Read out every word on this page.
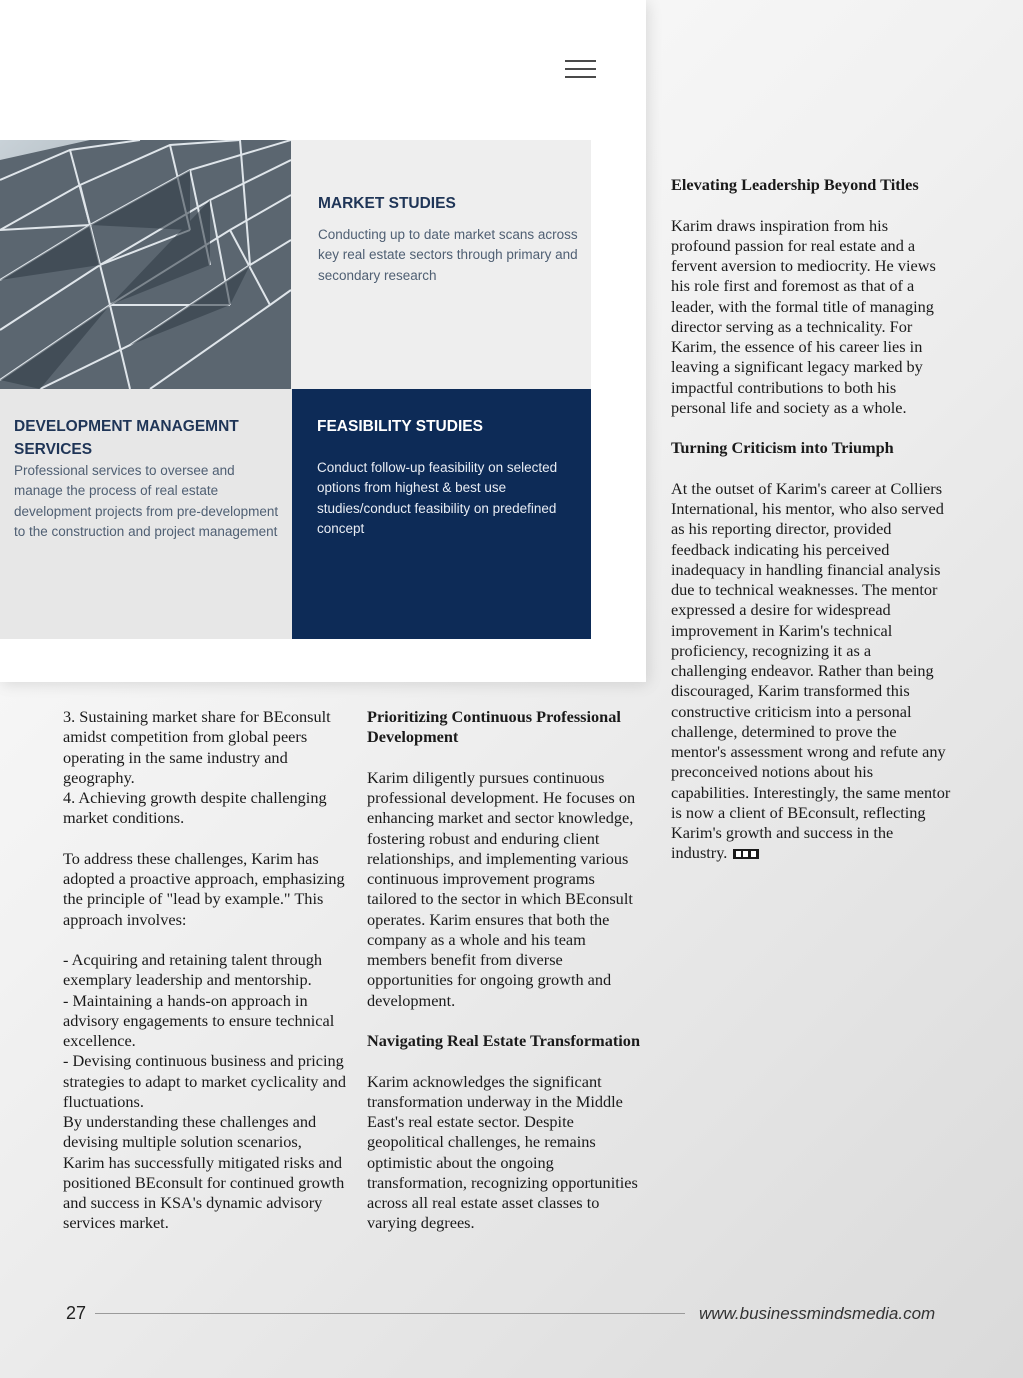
MARKET STUDIES

Conducting up to date market scans across key real estate sectors through primary and secondary research

DEVELOPMENT MANAGEMNT SERVICES

Professional services to oversee and manage the process of real estate development projects from pre-development to the construction and project management

FEASIBILITY STUDIES

Conduct follow-up feasibility on selected options from highest & best use studies/conduct feasibility on predefined concept

Elevating Leadership Beyond Titles

Karim draws inspiration from his profound passion for real estate and a fervent aversion to mediocrity. He views his role first and foremost as that of a leader, with the formal title of managing director serving as a technicality. For Karim, the essence of his career lies in leaving a significant legacy marked by impactful contributions to both his personal life and society as a whole.

Turning Criticism into Triumph

At the outset of Karim's career at Colliers International, his mentor, who also served as his reporting director, provided feedback indicating his perceived inadequacy in handling financial analysis due to technical weaknesses. The mentor expressed a desire for widespread improvement in Karim's technical proficiency, recognizing it as a challenging endeavor. Rather than being discouraged, Karim transformed this constructive criticism into a personal challenge, determined to prove the mentor's assessment wrong and refute any preconceived notions about his capabilities. Interestingly, the same mentor is now a client of BEconsult, reflecting Karim's growth and success in the industry.

3. Sustaining market share for BEconsult amidst competition from global peers operating in the same industry and geography.

4. Achieving growth despite challenging market conditions.

To address these challenges, Karim has adopted a proactive approach, emphasizing the principle of "lead by example." This approach involves:

- Acquiring and retaining talent through exemplary leadership and mentorship.

- Maintaining a hands-on approach in advisory engagements to ensure technical excellence.

- Devising continuous business and pricing strategies to adapt to market cyclicality and fluctuations.

By understanding these challenges and devising multiple solution scenarios, Karim has successfully mitigated risks and positioned BEconsult for continued growth and success in KSA's dynamic advisory services market.

Prioritizing Continuous Professional Development

Karim diligently pursues continuous professional development. He focuses on enhancing market and sector knowledge, fostering robust and enduring client relationships, and implementing various continuous improvement programs tailored to the sector in which BEconsult operates. Karim ensures that both the company as a whole and his team members benefit from diverse opportunities for ongoing growth and development.

Navigating Real Estate Transformation

Karim acknowledges the significant transformation underway in the Middle East's real estate sector. Despite geopolitical challenges, he remains optimistic about the ongoing transformation, recognizing opportunities across all real estate asset classes to varying degrees.

27	www.businessmindsmedia.com
